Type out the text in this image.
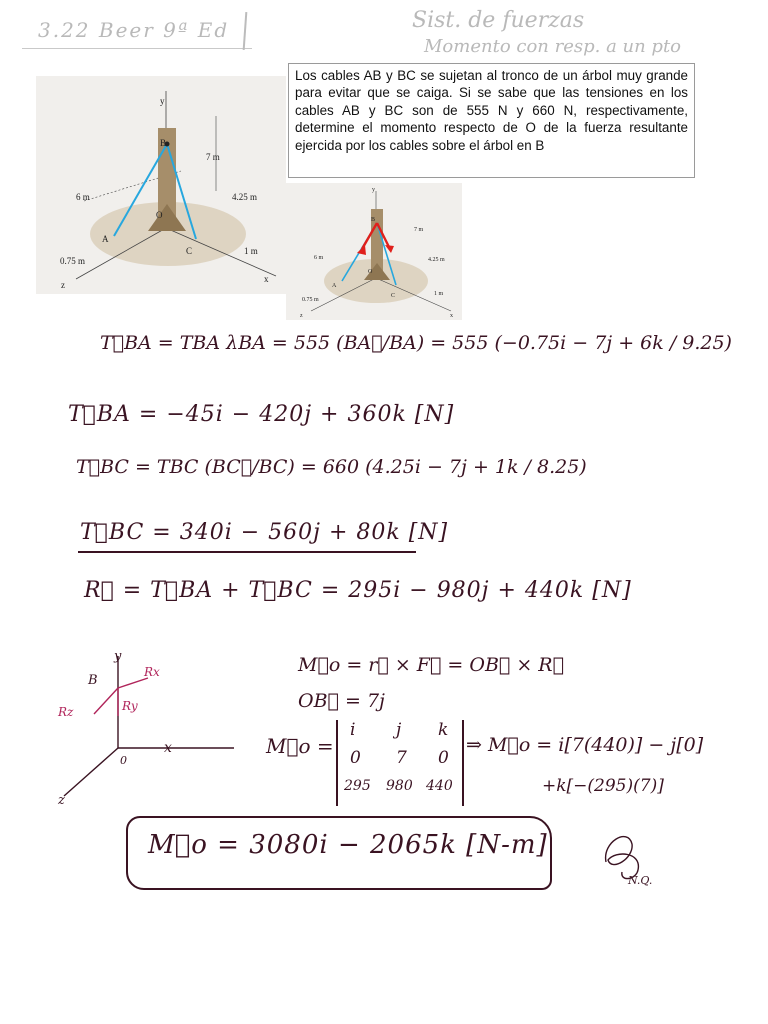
3.22 Beer 9ª Ed	Sist. de fuerzas
Momento con resp. a un pto
Los cables AB y BC se sujetan al tronco de un árbol muy grande para evitar que se caiga. Si se sabe que las tensiones en los cables AB y BC son de 555 N y 660 N, respectivamente, determine el momento respecto de O de la fuerza resultante ejercida por los cables sobre el árbol en B
y
x
z
B
O
A
C
7 m
6 m	4.25 m
0.75 m
1 m
y
x
z
B
O
A
C
7 m
6 m	4.25 m
0.75 m
1 m
T⃗BA = TBA λBA = 555 (BA⃗/BA) = 555 (−0.75i − 7j + 6k / 9.25)
T⃗BA = −45i − 420j + 360k [N]
T⃗BC = TBC (BC⃗/BC) = 660 (4.25i − 7j + 1k / 8.25)
T⃗BC = 340i − 560j + 80k [N]
R⃗ = T⃗BA + T⃗BC = 295i − 980j + 440k [N]
x
y
z
B
0
Rx
Ry
Rz
M⃗o = r⃗ × F⃗ = OB⃗ × R⃗
OB⃗ = 7j
M⃗o =
i j k
0 7 0
295 980 440
⇒ M⃗o = i[7(440)] − j[0]
+k[−(295)(7)]
M⃗o = 3080i − 2065k [N-m]
N.Q.
